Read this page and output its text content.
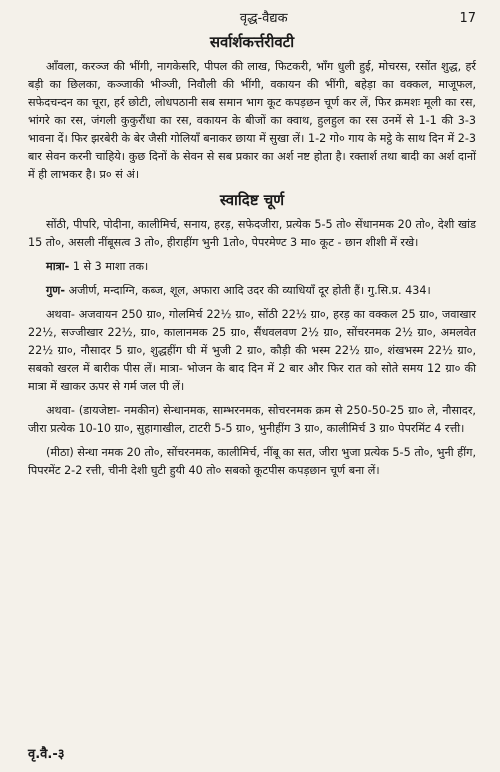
वृद्ध-वैद्यक	17
सर्वार्शकर्त्तरीवटी

आँवला, करञ्ज की भींगी, नागकेसरि, पीपल की लाख, फिटकरी, भाँग धुली हुई, मोचरस, रसोंत शुद्ध, हर्र बड़ी का छिलका, कञ्जाकी भीञ्जी, निवौली की भींगी, वकायन की भींगी, बहेड़ा का वक्कल, माजूफल, सफेदचन्दन का चूरा, हर्र छोटी, लोधपठानी सब समान भाग कूट कपड़छन चूर्ण कर लें, फिर क्रमशः मूली का रस, भांगरे का रस, जंगली कुकुरौंधा का रस, वकायन के बीजों का क्वाथ, हुलहुल का रस उनमें से 1-1 की 3-3 भावना दें। फिर झरबेरी के बेर जैसी गोलियाँ बनाकर छाया में सुखा लें। 1-2 गो० गाय के मट्ठे के साथ दिन में 2-3 बार सेवन करनी चाहिये। कुछ दिनों के सेवन से सब प्रकार का अर्श नष्ट होता है। रक्तार्श तथा बादी का अर्श दानों में ही लाभकर है। प्र० सं अं।

स्वादिष्ट चूर्ण

सोंठी, पीपरि, पोदीना, कालीमिर्च, सनाय, हरड़, सफेदजीरा, प्रत्येक 5-5 तो० सेंधानमक 20 तो०, देशी खांड 15 तो०, असली नींबूसत्व 3 तो०, हीराहींग भुनी 1तो०, पेपरमेण्ट 3 मा० कूट - छान शीशी में रखे।

मात्रा- 1 से 3 माशा तक।

गुण- अजीर्ण, मन्दाग्नि, कब्ज, शूल, अफारा आदि उदर की व्याधियाँ दूर होती हैं। गु.सि.प्र. 434।

अथवा- अजवायन 250 ग्रा०, गोलमिर्च 22½ ग्रा०, सोंठी 22½ ग्रा०, हरड़ का वक्कल 25 ग्रा०, जवाखार 22½, सज्जीखार 22½, ग्रा०, कालानमक 25 ग्रा०, सैंधवलवण 2½ ग्रा०, सोंचरनमक 2½ ग्रा०, अमलवेत 22½ ग्रा०, नौसादर 5 ग्रा०, शुद्धहींग घी में भुजी 2 ग्रा०, कौड़ी की भस्म 22½ ग्रा०, शंखभस्म 22½ ग्रा०, सबको खरल में बारीक पीस लें। मात्रा- भोजन के बाद दिन में 2 बार और फिर रात को सोते समय 12 ग्रा० की मात्रा में खाकर ऊपर से गर्म जल पी लें।

अथवा- (डायजेष्टा- नमकीन) सेन्धानमक, साम्भरनमक, सोचरनमक क्रम से 250-50-25 ग्रा० ले, नौसादर, जीरा प्रत्येक 10-10 ग्रा०, सुहागाखील, टाटरी 5-5 ग्रा०, भुनीहींग 3 ग्रा०, कालीमिर्च 3 ग्रा० पेपरमिंट 4 रत्ती।

(मीठा) सेन्धा नमक 20 तो०, सोंचरनमक, कालीमिर्च, नींबू का सत, जीरा भुजा प्रत्येक 5-5 तो०, भुनी हींग, पिपरमेंट 2-2 रत्ती, चीनी देशी घुटी हुयी 40 तो० सबको कूटपीस कपड़छान चूर्ण बना लें।

वृ.वै.-३
